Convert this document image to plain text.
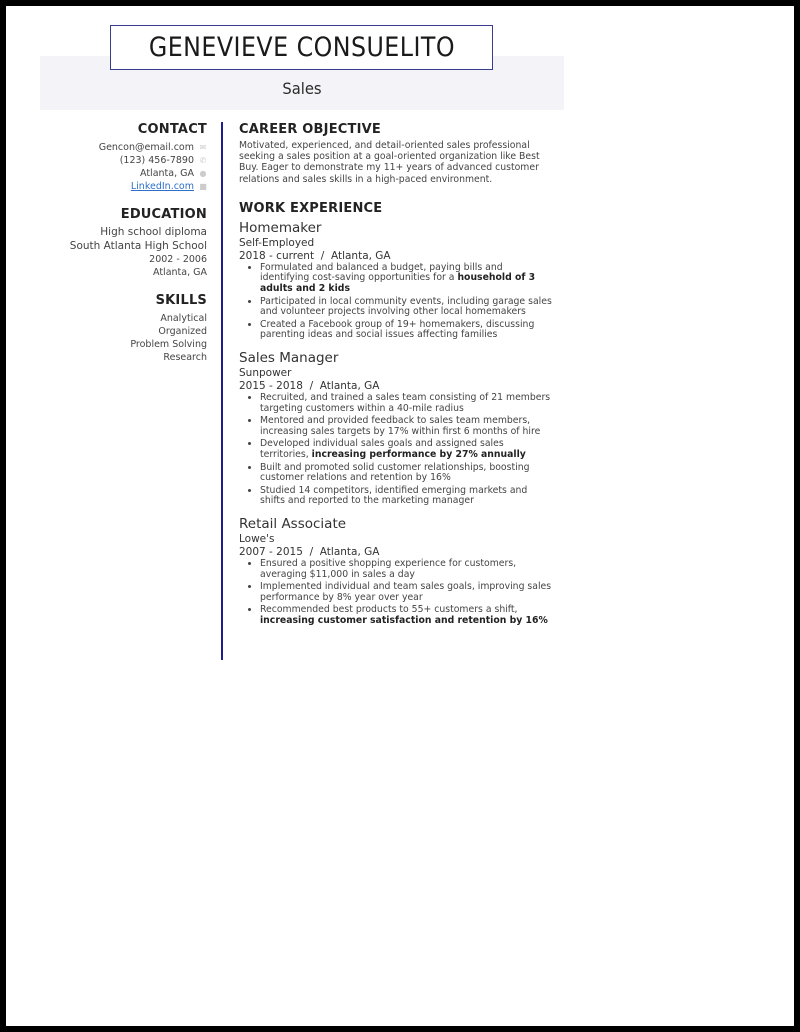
GENEVIEVE CONSUELITO
Sales
CONTACT
Gencon@email.com ✉
(123) 456-7890 ✆
Atlanta, GA ●
LinkedIn.com ■
EDUCATION
High school diploma
South Atlanta High School
2002 - 2006
Atlanta, GA
SKILLS
Analytical
Organized
Problem Solving
Research
CAREER OBJECTIVE
Motivated, experienced, and detail-oriented sales professional seeking a sales position at a goal-oriented organization like Best Buy. Eager to demonstrate my 11+ years of advanced customer relations and sales skills in a high-paced environment.
WORK EXPERIENCE
Homemaker
Self-Employed
2018 - current  /  Atlanta, GA
• Formulated and balanced a budget, paying bills and identifying cost-saving opportunities for a household of 3 adults and 2 kids
• Participated in local community events, including garage sales and volunteer projects involving other local homemakers
• Created a Facebook group of 19+ homemakers, discussing parenting ideas and social issues affecting families
Sales Manager
Sunpower
2015 - 2018  /  Atlanta, GA
• Recruited, and trained a sales team consisting of 21 members targeting customers within a 40-mile radius
• Mentored and provided feedback to sales team members, increasing sales targets by 17% within first 6 months of hire
• Developed individual sales goals and assigned sales territories, increasing performance by 27% annually
• Built and promoted solid customer relationships, boosting customer relations and retention by 16%
• Studied 14 competitors, identified emerging markets and shifts and reported to the marketing manager
Retail Associate
Lowe's
2007 - 2015  /  Atlanta, GA
• Ensured a positive shopping experience for customers, averaging $11,000 in sales a day
• Implemented individual and team sales goals, improving sales performance by 8% year over year
• Recommended best products to 55+ customers a shift, increasing customer satisfaction and retention by 16%
